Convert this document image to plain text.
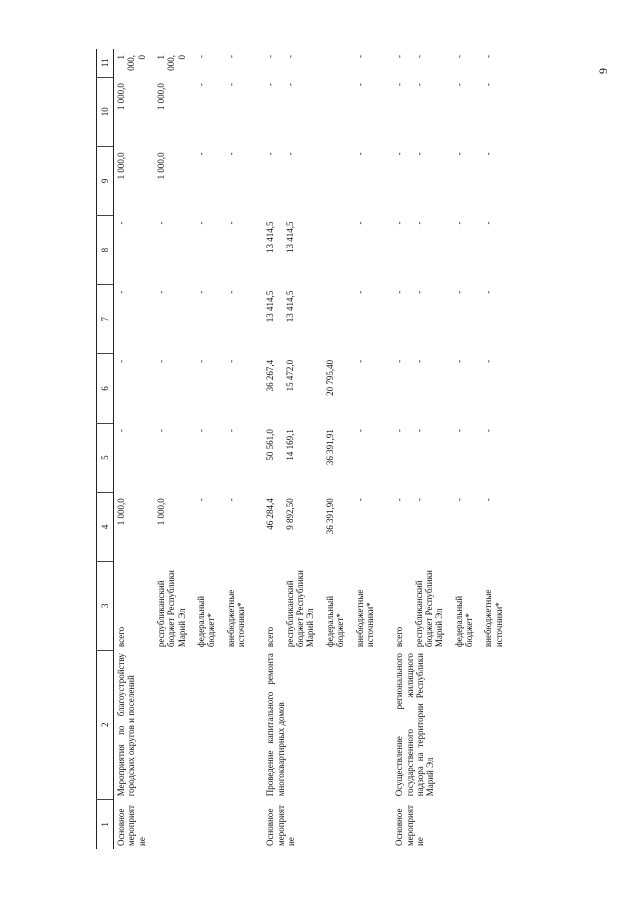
9
1	2	3	4	5	6	7	8	9	10	11
Основное мероприятие	Мероприятия по благоустройству городских округов и поселений	всего	1 000,0	-	-	-	-	1 000,0	1 000,0	1 000,0
		республиканский бюджет Республики Марий Эл	1 000,0	-	-	-	-	1 000,0	1 000,0	1 000,0
		федеральный бюджет*	-	-	-	-	-	-	-	-
		внебюджетные источники*	-	-	-	-	-	-	-	-
Основное мероприятие	Проведение капитального ремонта многоквартирных домов	всего	46 284,4	50 561,0	36 267,4	13 414,5	13 414,5	-	-	-
		республиканский бюджет Республики Марий Эл	9 892,50	14 169,1	15 472,0	13 414,5	13 414,5	-	-	-
		федеральный бюджет*	36 391,90	36 391,91	20 795,40					
		внебюджетные источники*	-	-	-	-	-	-	-	-
Основное мероприятие	Осуществление регионального государственного жилищного надзора на территории Республики Марий Эл	всего	-	-	-	-	-	-	-	-
		республиканский бюджет Республики Марий Эл	-	-	-	-	-	-	-	-
		федеральный бюджет*	-	-	-	-	-	-	-	-
		внебюджетные источники*	-	-	-	-	-	-	-	-
